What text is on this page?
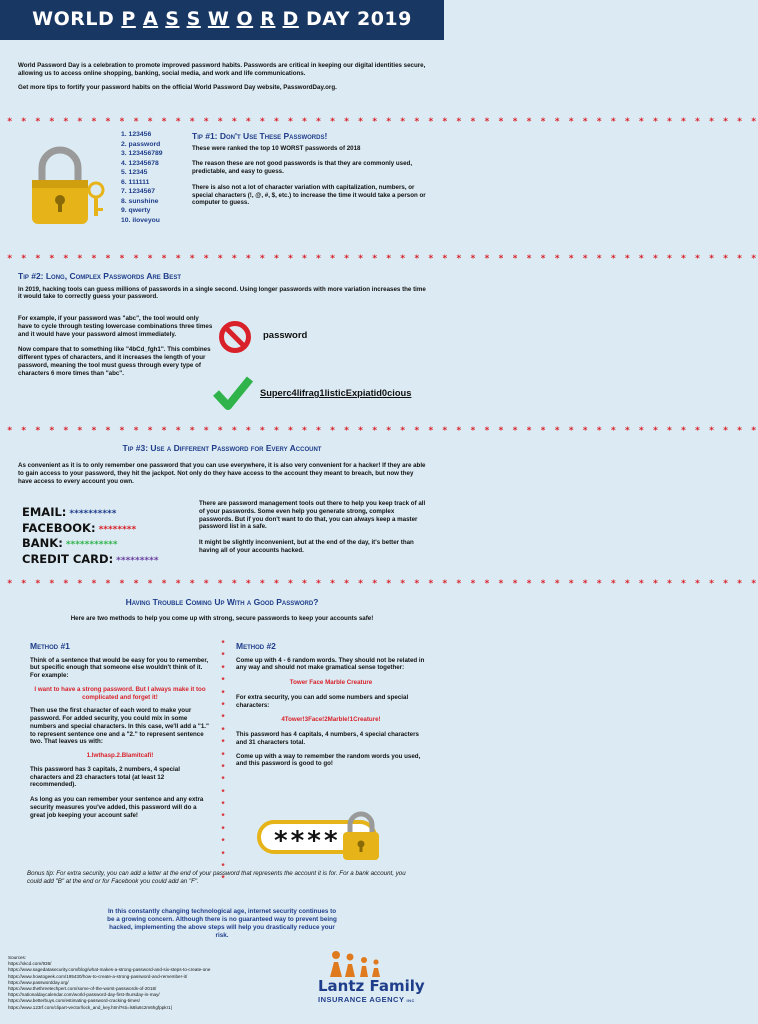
WORLD P A S S W O R D DAY 2019

World Password Day is a celebration to promote improved password habits. Passwords are critical in keeping our digital identities secure, allowing us to access online shopping, banking, social media, and work and life communications.

Get more tips to fortify your password habits on the official World Password Day website, PasswordDay.org.

* * * * * * * * * * * * * * * * * * * * * * * * * * * * * * * * * * * * * * * * * * * * * * * * * * * * * *
1. 123456
2. password
3. 123456789
4. 12345678
5. 12345
6. 111111
7. 1234567
8. sunshine
9. qwerty
10. iloveyou
Tip #1: Don't Use These Passwords!

These were ranked the top 10 WORST passwords of 2018

The reason these are not good passwords is that they are commonly used, predictable, and easy to guess.

There is also not a lot of character variation with capitalization, numbers, or special characters (!, @, #, $, etc.) to increase the time it would take a person or computer to guess.

* * * * * * * * * * * * * * * * * * * * * * * * * * * * * * * * * * * * * * * * * * * * * * * * * * * * * *
Tip #2: Long, Complex Passwords Are Best

In 2019, hacking tools can guess millions of passwords in a single second. Using longer passwords with more variation increases the time it would take to correctly guess your password.

For example, if your password was "abc", the tool would only have to cycle through testing lowercase combinations three times and it would have your password almost immediately.

Now compare that to something like "4bCd_fgh1". This combines different types of characters, and it increases the length of your password, meaning the tool must guess through every type of characters 6 more times than "abc".

password
Superc4lifrag1listicExpiatid0cious
* * * * * * * * * * * * * * * * * * * * * * * * * * * * * * * * * * * * * * * * * * * * * * * * * * * * * *
Tip #3: Use a Different Password for Every Account

As convenient as it is to only remember one password that you can use everywhere, it is also very convenient for a hacker! If they are able to gain access to your password, they hit the jackpot. Not only do they have access to the account they meant to breach, but now they have access to every account you own.

EMAIL: **********
FACEBOOK: ********
BANK: ***********
CREDIT CARD: *********

There are password management tools out there to help you keep track of all of your passwords. Some even help you generate strong, complex passwords. But if you don't want to do that, you can always keep a master password list in a safe.

It might be slightly inconvenient, but at the end of the day, it's better than having all of your accounts hacked.

* * * * * * * * * * * * * * * * * * * * * * * * * * * * * * * * * * * * * * * * * * * * * * * * * * * * * *
Having Trouble Coming Up With a Good Password?

Here are two methods to help you come up with strong, secure passwords to keep your accounts safe!

Method #1

Think of a sentence that would be easy for you to remember, but specific enough that someone else wouldn't think of it. For example:

I want to have a strong password. But I always make it too complicated and forget it!

Then use the first character of each word to make your password. For added security, you could mix in some numbers and special characters. In this case, we'll add a "1." to represent sentence one and a "2." to represent sentence two. That leaves us with:

1.Iwthasp.2.BIamitcafi!

This password has 3 capitals, 2 numbers, 4 special characters and 23 characters total (at least 12 recommended).

As long as you can remember your sentence and any extra security measures you've added, this password will do a great job keeping your account safe!

*
*
*
*
*
*
*
*
*
*
*
*
*
*
*
*
*
*
*
*
Method #2

Come up with 4 - 6 random words. They should not be related in any way and should not make gramatical sense together:

Tower Face Marble Creature

For extra security, you can add some numbers and special characters:

4Tower!3Face!2Marble!1Creature!

This password has 4 capitals, 4 numbers, 4 special characters and 31 characters total.

Come up with a way to remember the random words you used, and this password is good to go!

****
Bonus tip: For extra security, you can add a letter at the end of your password that represents the account it is for. For a bank account, you could add "B" at the end or for Facebook you could add an "F".
In this constantly changing technological age, internet security continues to be a growing concern. Although there is no guaranteed way to prevent being hacked, implementing the above steps will help you drastically reduce your risk.
Sources:
https://xkcd.com/936/
https://www.sagedatasecurity.com/blog/what-makes-a-strong-password-and-six-steps-to-create-one
https://www.howtogeek.com/195430/how-to-create-a-strong-password-and-remember-it/
https://www.passwordday.org/
https://www.thethreetechpert.com/some-of-the-worst-passwords-of-2018/
https://nationaldaycalendar.com/world-password-day-first-thursday-in-may/
https://www.betterbuys.com/estimating-password-cracking-times/
https://www.123rf.com/clipart-vector/lock_and_key.html?sti=ls8lu8c2m6hgfppkr1|
Lantz Family
INSURANCE AGENCY INC
